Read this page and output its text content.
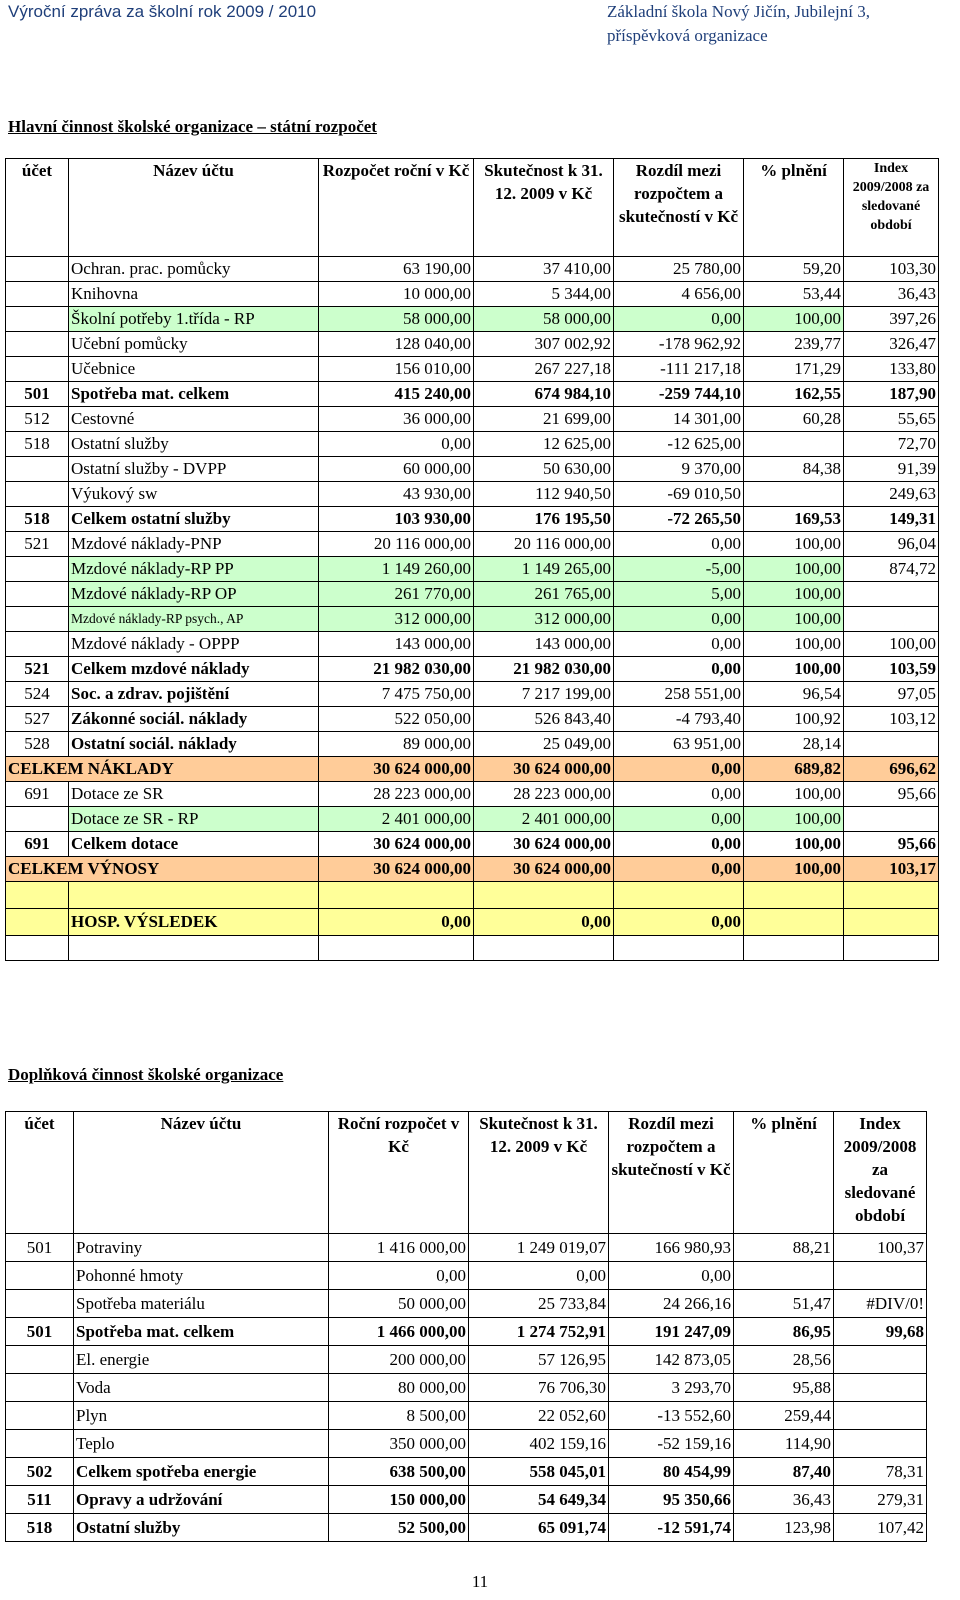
Výroční zpráva za školní rok 2009 / 2010	Základní škola Nový Jičín, Jubilejní 3,
příspěvková organizace
Hlavní činnost školské organizace – státní rozpočet
účet	Název účtu	Rozpočet roční v Kč	Skutečnost k 31. 12. 2009 v Kč	Rozdíl mezi rozpočtem a skutečností v Kč	% plnění	Index 2009/2008 za sledované období
	Ochran. prac. pomůcky	63 190,00	37 410,00	25 780,00	59,20	103,30
	Knihovna	10 000,00	5 344,00	4 656,00	53,44	36,43
	Školní potřeby 1.třída - RP	58 000,00	58 000,00	0,00	100,00	397,26
	Učební pomůcky	128 040,00	307 002,92	-178 962,92	239,77	326,47
	Učebnice	156 010,00	267 227,18	-111 217,18	171,29	133,80
501	Spotřeba mat. celkem	415 240,00	674 984,10	-259 744,10	162,55	187,90
512	Cestovné	36 000,00	21 699,00	14 301,00	60,28	55,65
518	Ostatní služby	0,00	12 625,00	-12 625,00		72,70
	Ostatní služby - DVPP	60 000,00	50 630,00	9 370,00	84,38	91,39
	Výukový sw	43 930,00	112 940,50	-69 010,50		249,63
518	Celkem ostatní služby	103 930,00	176 195,50	-72 265,50	169,53	149,31
521	Mzdové náklady-PNP	20 116 000,00	20 116 000,00	0,00	100,00	96,04
	Mzdové náklady-RP PP	1 149 260,00	1 149 265,00	-5,00	100,00	874,72
	Mzdové náklady-RP OP	261 770,00	261 765,00	5,00	100,00	
	Mzdové náklady-RP psych., AP	312 000,00	312 000,00	0,00	100,00	
	Mzdové náklady - OPPP	143 000,00	143 000,00	0,00	100,00	100,00
521	Celkem mzdové náklady	21 982 030,00	21 982 030,00	0,00	100,00	103,59
524	Soc. a zdrav. pojištění	7 475 750,00	7 217 199,00	258 551,00	96,54	97,05
527	Zákonné sociál. náklady	522 050,00	526 843,40	-4 793,40	100,92	103,12
528	Ostatní sociál. náklady	89 000,00	25 049,00	63 951,00	28,14	
CELKEM NÁKLADY		30 624 000,00	30 624 000,00	0,00	689,82	696,62
691	Dotace ze SR	28 223 000,00	28 223 000,00	0,00	100,00	95,66
	Dotace ze SR - RP	2 401 000,00	2 401 000,00	0,00	100,00	
691	Celkem dotace	30 624 000,00	30 624 000,00	0,00	100,00	95,66
CELKEM VÝNOSY		30 624 000,00	30 624 000,00	0,00	100,00	103,17

	HOSP. VÝSLEDEK	0,00	0,00	0,00		

Doplňková činnost školské organizace
účet	Název účtu	Roční rozpočet v Kč	Skutečnost k 31. 12. 2009 v Kč	Rozdíl mezi rozpočtem a skutečností v Kč	% plnění	Index 2009/2008 za sledované období
501	Potraviny	1 416 000,00	1 249 019,07	166 980,93	88,21	100,37
	Pohonné hmoty	0,00	0,00	0,00		
	Spotřeba materiálu	50 000,00	25 733,84	24 266,16	51,47	#DIV/0!
501	Spotřeba mat. celkem	1 466 000,00	1 274 752,91	191 247,09	86,95	99,68
	El. energie	200 000,00	57 126,95	142 873,05	28,56	
	Voda	80 000,00	76 706,30	3 293,70	95,88	
	Plyn	8 500,00	22 052,60	-13 552,60	259,44	
	Teplo	350 000,00	402 159,16	-52 159,16	114,90	
502	Celkem spotřeba energie	638 500,00	558 045,01	80 454,99	87,40	78,31
511	Opravy a udržování	150 000,00	54 649,34	95 350,66	36,43	279,31
518	Ostatní služby	52 500,00	65 091,74	-12 591,74	123,98	107,42
11
